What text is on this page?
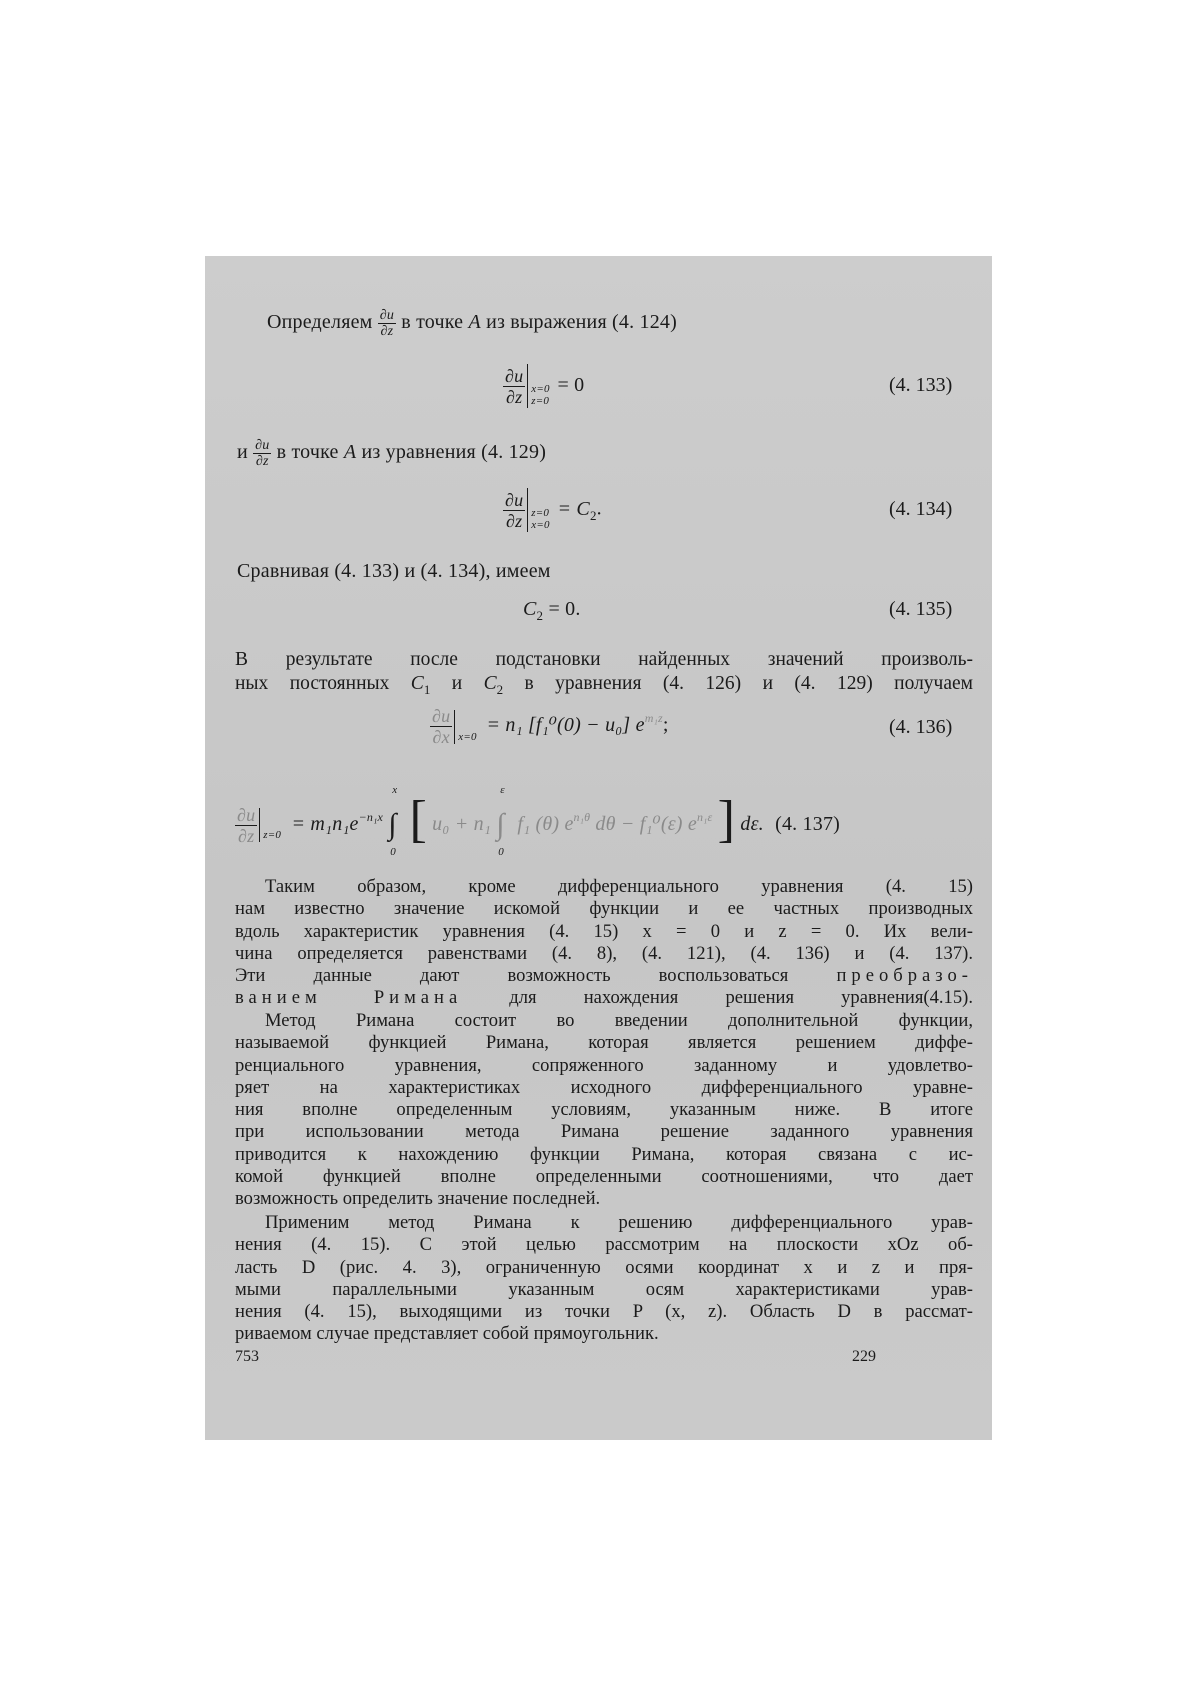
Определяем $\frac{\partial u}{\partial z}$ в точке A из выражения (4. 124)
$\frac{\partial u}{\partial z} x=0$
z=0
= 0	(4. 133)
и $\frac{\partial u}{\partial z}$ в точке A из уравнения (4. 129)
$\frac{\partial u}{\partial z} z=0$
x=0
= $C_2$.	(4. 134)
Сравнивая (4. 133) и (4. 134), имеем
$C_2 = 0$.	(4. 135)

В результате после подстановки найденных значений произволь-

ных постоянных $C_1$ и $C_2$ в уравнения (4. 126) и (4. 129) получаем

$\frac{\partial u}{\partial x} x=0$
= n₁ [f₁⁰(0) − u₀] $e^{m_1z}$;	(4. 136)
$\frac{\partial u}{\partial z} z=0$
= $m_1n_1e^{-n_1x}$ ∫
x
0
[ u₀ + n₁ ∫
ε
0
f₁ (θ) $e^{n_1\theta}$ dθ − f₁⁰(ε) $e^{n_1\varepsilon}$ ] dε. (4. 137)

Таким образом, кроме дифференциального уравнения (4. 15)

нам известно значение искомой функции и ее частных производных

вдоль характеристик уравнения (4. 15) x = 0 и z = 0. Их вели-

чина определяется равенствами (4. 8), (4. 121), (4. 136) и (4. 137).

Эти данные дают возможность воспользоваться преобразо-

ванием Римана для нахождения решения уравнения(4.15).

Метод Римана состоит во введении дополнительной функции,

называемой функцией Римана, которая является решением диффе-

ренциального уравнения, сопряженного заданному и удовлетво-

ряет на характеристиках исходного дифференциального уравне-

ния вполне определенным условиям, указанным ниже. В итоге

при использовании метода Римана решение заданного уравнения

приводится к нахождению функции Римана, которая связана с ис-

комой функцией вполне определенными соотношениями, что дает

возможность определить значение последней.

Применим метод Римана к решению дифференциального урав-

нения (4. 15). С этой целью рассмотрим на плоскости xOz об-

ласть D (рис. 4. 3), ограниченную осями координат x и z и пря-

мыми параллельными указанным осям характеристиками урав-

нения (4. 15), выходящими из точки P (x, z). Область D в рассмат-

риваемом случае представляет собой прямоугольник.

753	229
